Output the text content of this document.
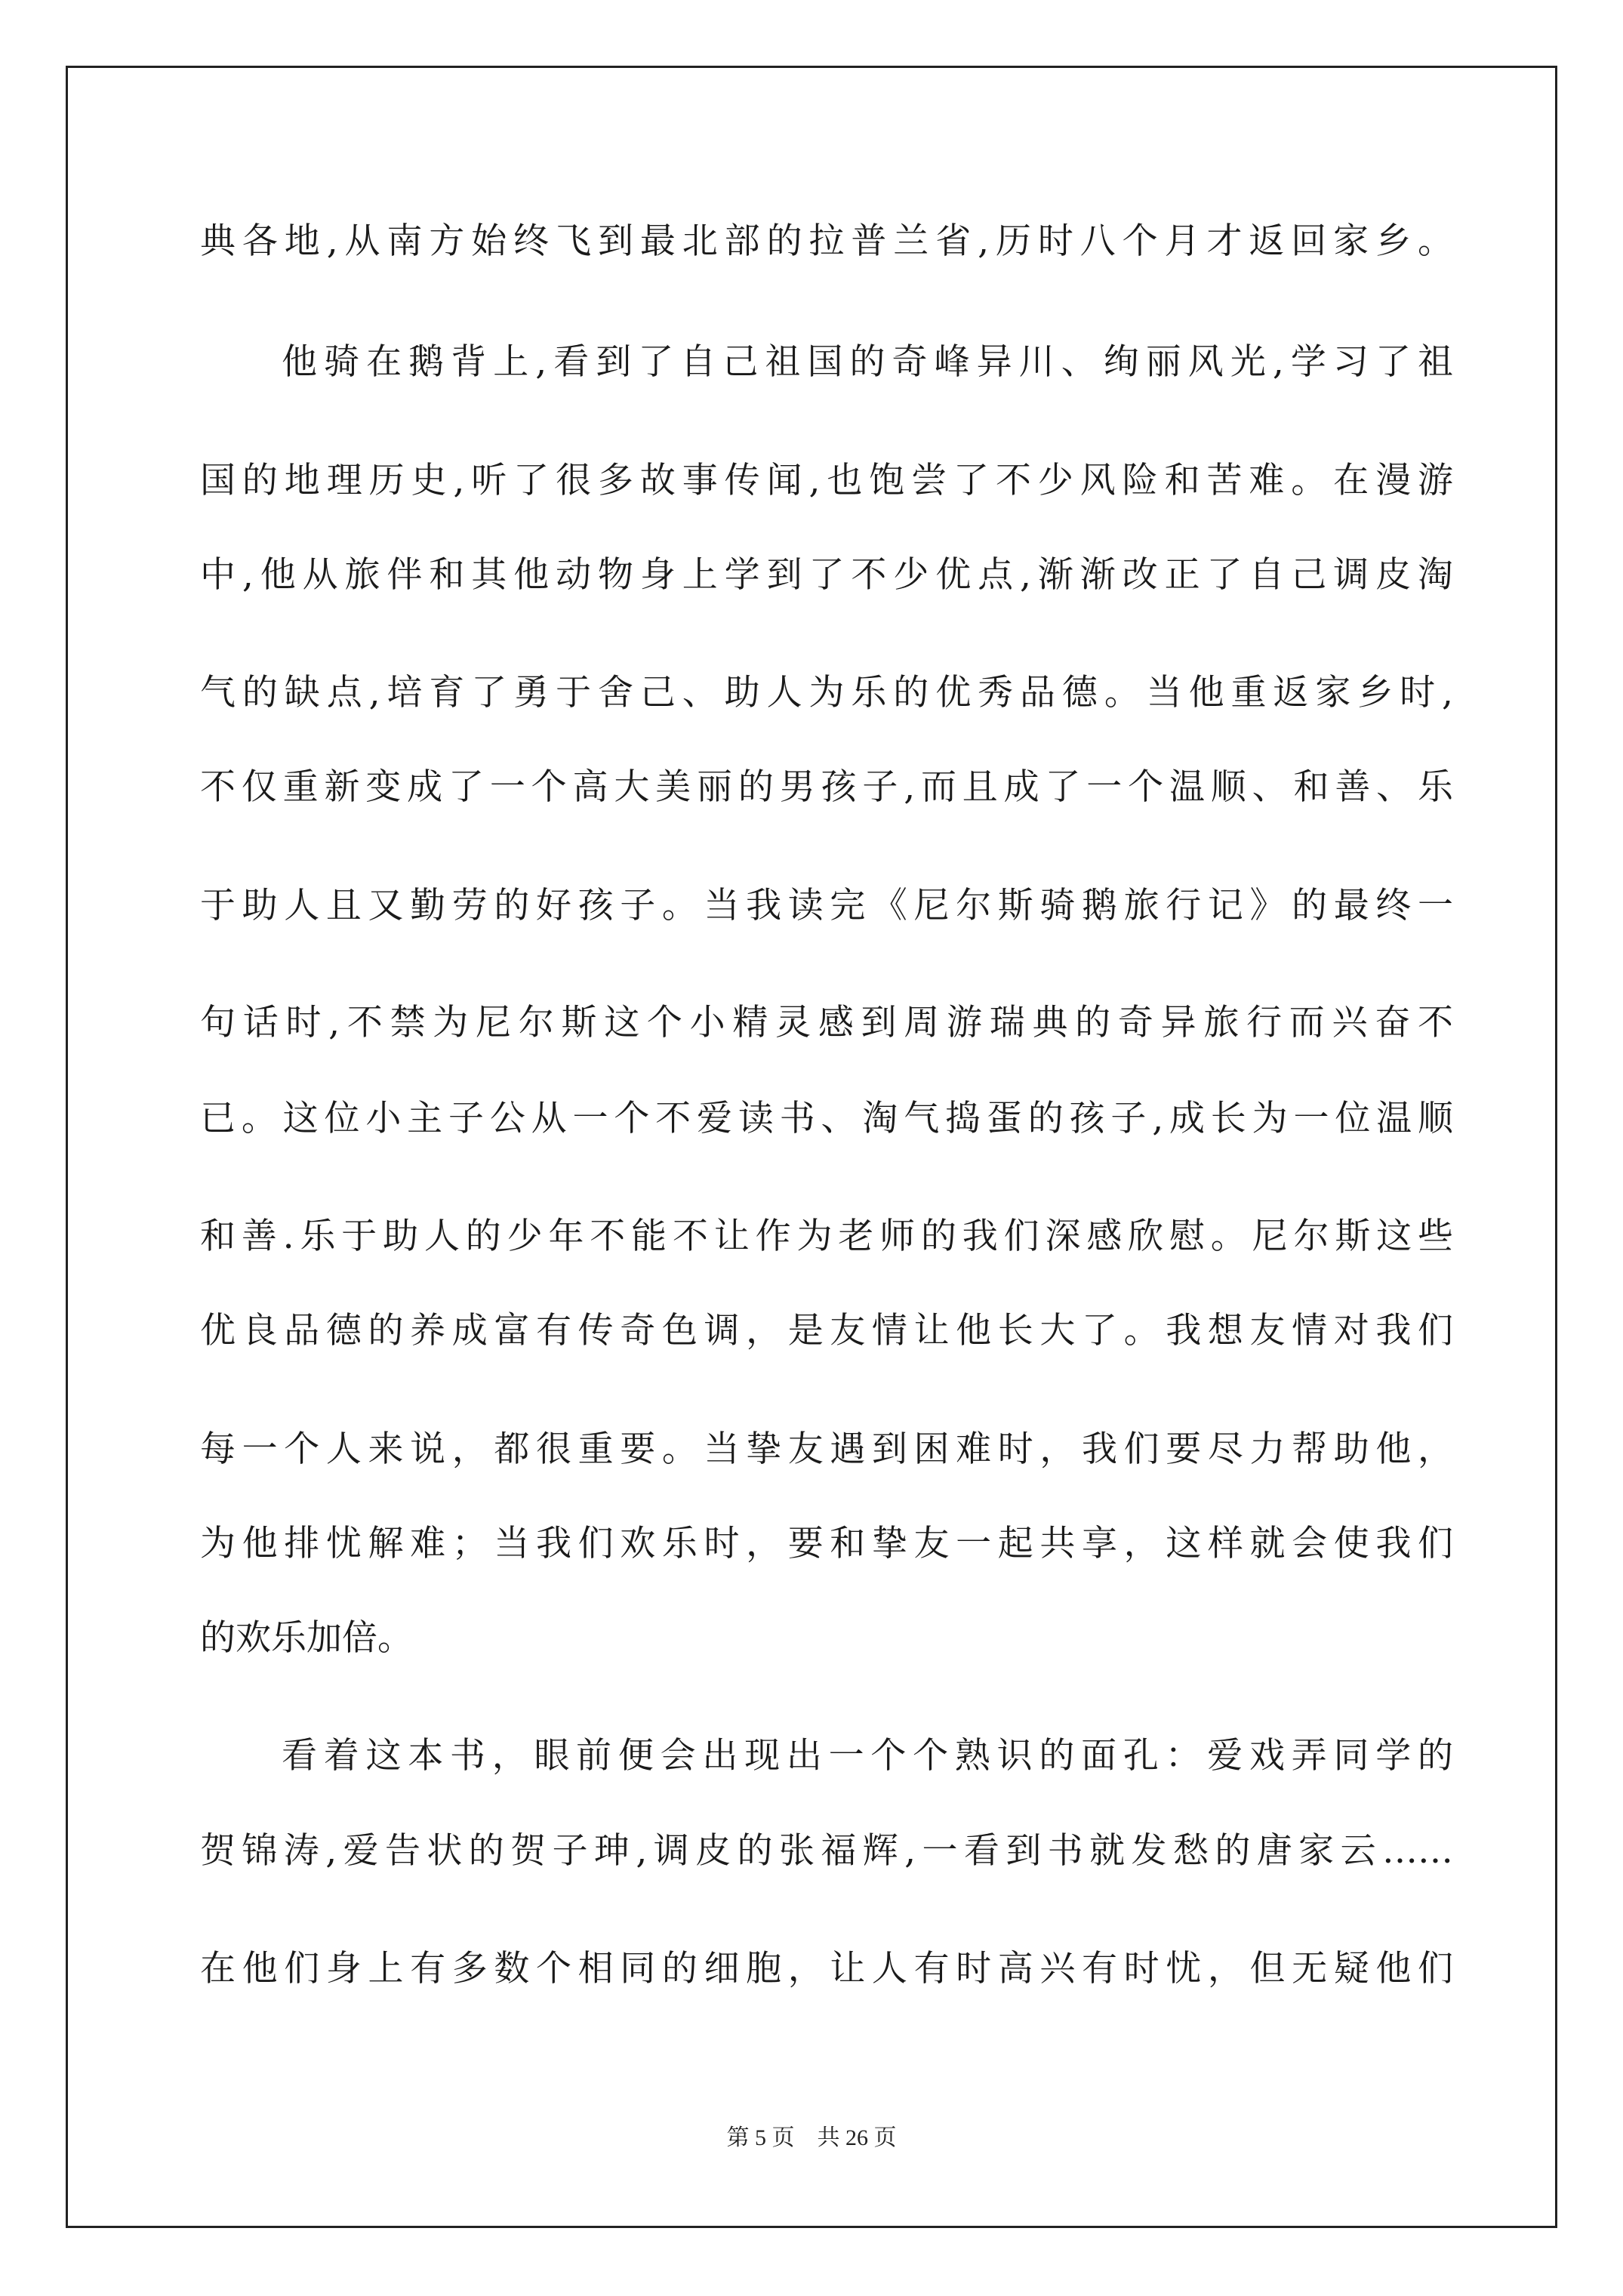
典各地,从南方始终飞到最北部的拉普兰省,历时八个月才返回家乡。
他骑在鹅背上,看到了自己祖国的奇峰异川、绚丽风光,学习了祖
国的地理历史,听了很多故事传闻,也饱尝了不少风险和苦难。在漫游
中,他从旅伴和其他动物身上学到了不少优点,渐渐改正了自己调皮淘
气的缺点,培育了勇于舍己、助人为乐的优秀品德。当他重返家乡时,
不仅重新变成了一个高大美丽的男孩子,而且成了一个温顺、和善、乐
于助人且又勤劳的好孩子。当我读完《尼尔斯骑鹅旅行记》的最终一
句话时,不禁为尼尔斯这个小精灵感到周游瑞典的奇异旅行而兴奋不
已。这位小主子公从一个不爱读书、淘气捣蛋的孩子,成长为一位温顺
和善.乐于助人的少年不能不让作为老师的我们深感欣慰。尼尔斯这些
优良品德的养成富有传奇色调，是友情让他长大了。我想友情对我们
每一个人来说，都很重要。当挚友遇到困难时，我们要尽力帮助他，
为他排忧解难；当我们欢乐时，要和挚友一起共享，这样就会使我们
的欢乐加倍。
看着这本书，眼前便会出现出一个个熟识的面孔：爱戏弄同学的
贺锦涛,爱告状的贺子珅,调皮的张福辉,一看到书就发愁的唐家云……
在他们身上有多数个相同的细胞，让人有时高兴有时忧，但无疑他们
第 5 页　共 26 页
